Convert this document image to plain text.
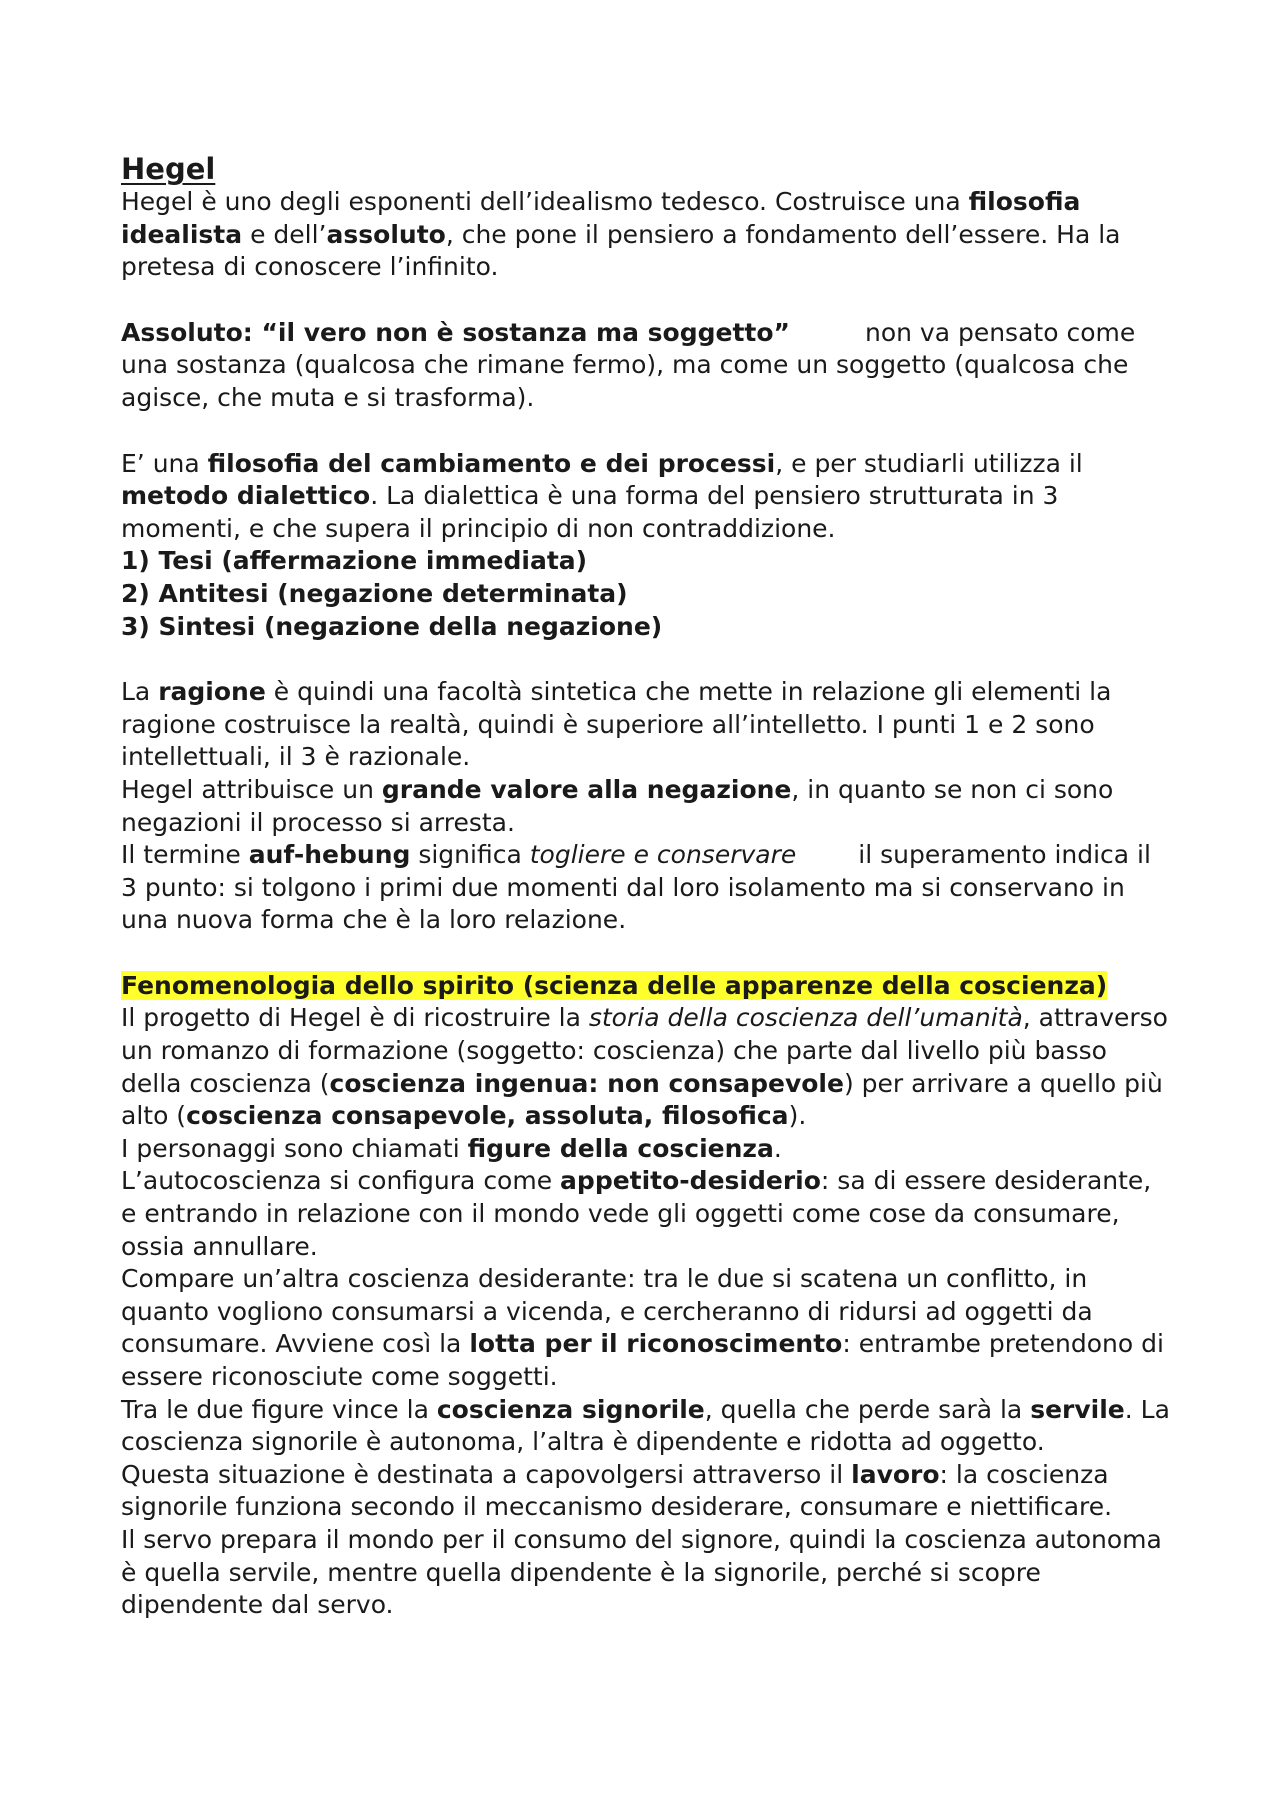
Hegel

Hegel è uno degli esponenti dell’idealismo tedesco. Costruisce una filosofia idealista e dell’assoluto, che pone il pensiero a fondamento dell’essere. Ha la pretesa di conoscere l’infinito.

Assoluto: “il vero non è sostanza ma soggetto”	non va pensato come una sostanza (qualcosa che rimane fermo), ma come un soggetto (qualcosa che agisce, che muta e si trasforma).

E’ una filosofia del cambiamento e dei processi, e per studiarli utilizza il metodo dialettico. La dialettica è una forma del pensiero strutturata in 3 momenti, e che supera il principio di non contraddizione.

1) Tesi (affermazione immediata)

2) Antitesi (negazione determinata)

3) Sintesi (negazione della negazione)

La ragione è quindi una facoltà sintetica che mette in relazione gli elementi la ragione costruisce la realtà, quindi è superiore all’intelletto. I punti 1 e 2 sono intellettuali, il 3 è razionale.

Hegel attribuisce un grande valore alla negazione, in quanto se non ci sono negazioni il processo si arresta.

Il termine auf-hebung significa togliere e conservare il superamento indica il 3 punto: si tolgono i primi due momenti dal loro isolamento ma si conservano in una nuova forma che è la loro relazione.

Fenomenologia dello spirito (scienza delle apparenze della coscienza)

Il progetto di Hegel è di ricostruire la storia della coscienza dell’umanità, attraverso un romanzo di formazione (soggetto: coscienza) che parte dal livello più basso della coscienza (coscienza ingenua: non consapevole) per arrivare a quello più alto (coscienza consapevole, assoluta, filosofica).

I personaggi sono chiamati figure della coscienza.

L’autocoscienza si configura come appetito-desiderio: sa di essere desiderante, e entrando in relazione con il mondo vede gli oggetti come cose da consumare, ossia annullare.

Compare un’altra coscienza desiderante: tra le due si scatena un conflitto, in quanto vogliono consumarsi a vicenda, e cercheranno di ridursi ad oggetti da consumare. Avviene così la lotta per il riconoscimento: entrambe pretendono di essere riconosciute come soggetti.

Tra le due figure vince la coscienza signorile, quella che perde sarà la servile. La coscienza signorile è autonoma, l’altra è dipendente e ridotta ad oggetto.

Questa situazione è destinata a capovolgersi attraverso il lavoro: la coscienza signorile funziona secondo il meccanismo desiderare, consumare e niettificare.

Il servo prepara il mondo per il consumo del signore, quindi la coscienza autonoma è quella servile, mentre quella dipendente è la signorile, perché si scopre dipendente dal servo.
